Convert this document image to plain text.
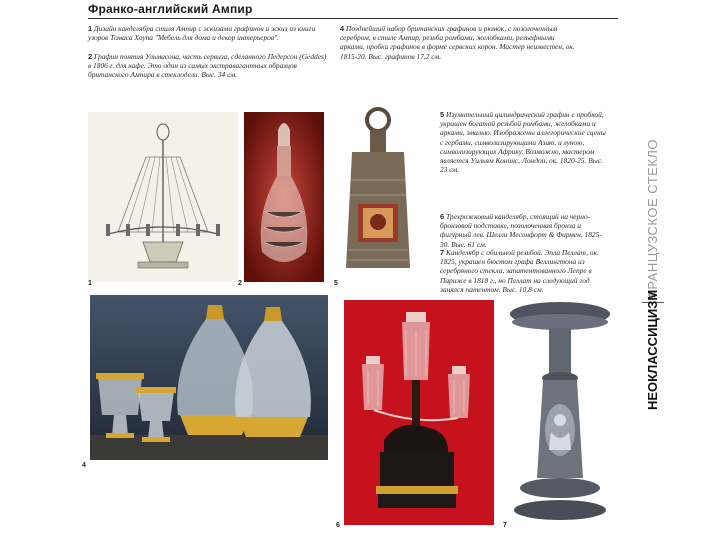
Франко-английский Ампир

1 Дизайн канделябра стиля Ампир с эскизами графинов и эскиз из книги узоров Томаса Хоупа "Мебель для дома и декор интерьеров".

2 Графин понтия Ульмасона, часть сервиза, сделанного Педерсон (Geddes) в 1806 г. для кафе. Это один из самых экстравагантных образцов британского Ампира в стеклодели. Выс. 34 см.

4 Позднейший набор британских графинов и рюмок, с позолоченным серебром, в стиле Ампир, резьба ромбами, желобками, рельефными арками, пробки графинов в форме сервских корон. Мастер неизвестен, ок. 1815-20. Выс. графинов 17,2 см.

5 Изумительный цилиндрический графин с пробкой, украшен богатой резьбой ромбами, желобками и арками, эмалью. Изображены аллегорические сцены с гербами, символизирующими Азию, и луною, символизирующих Африку. Возможно, мастером является Уильям Конинс, Лондон, ок. 1820-25. Выс. 23 см.

6 Трехрожковый канделябр, стоящий на черно-бронзовой подставке, позолоченная бронза и фигурный лев. Шелли Месонфорт & Фирмен, 1825-30. Выс. 61 см.

7 Канделябр с обильной резьбой. Эпла Пеллат, ок. 1825, украшен бюстом графа Веллингтона из серебряного стекла, запатентованного Лепре в Париже в 1818 г., но Пеллат на следующий год занялся патентом. Выс. 10,8 см.

1	2	5
4
6	7
ФРАНЦУЗСКОЕ СТЕКЛО
НЕОКЛАССИЦИЗМ
